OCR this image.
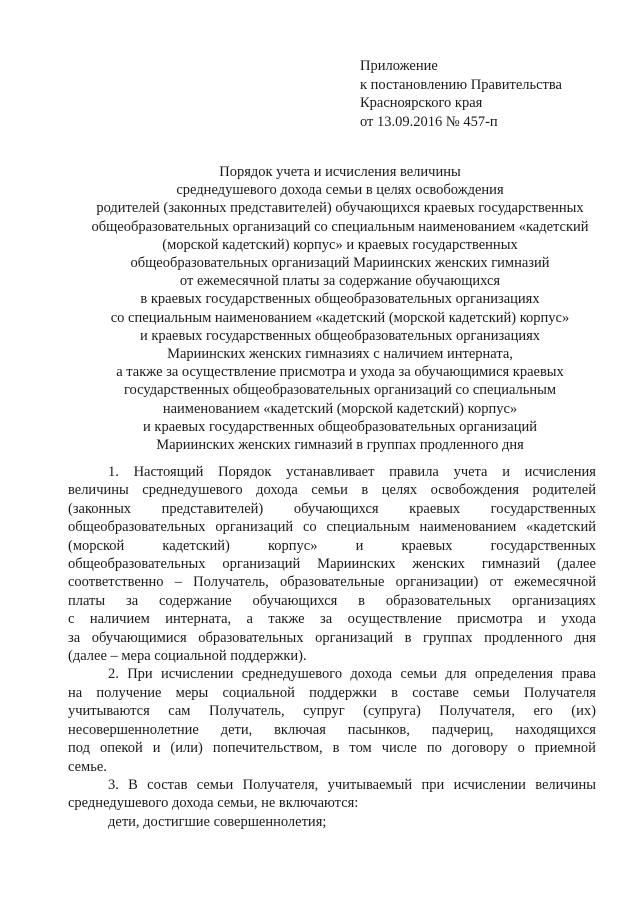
Приложение
к постановлению Правительства
Красноярского края
от 13.09.2016 № 457-п
Порядок учета и исчисления величины
среднедушевого дохода семьи в целях освобождения
родителей (законных представителей) обучающихся краевых государственных
общеобразовательных организаций со специальным наименованием «кадетский
(морской кадетский) корпус» и краевых государственных
общеобразовательных организаций Мариинских женских гимназий
от ежемесячной платы за содержание обучающихся
в краевых государственных общеобразовательных организациях
со специальным наименованием «кадетский (морской кадетский) корпус»
и краевых государственных общеобразовательных организациях
Мариинских женских гимназиях с наличием интерната,
а также за осуществление присмотра и ухода за обучающимися краевых
государственных общеобразовательных организаций со специальным
наименованием «кадетский (морской кадетский) корпус»
и краевых государственных общеобразовательных организаций
Мариинских женских гимназий в группах продленного дня
1. Настоящий Порядок устанавливает правила учета и исчисления
величины среднедушевого дохода семьи в целях освобождения родителей
(законных представителей) обучающихся краевых государственных
общеобразовательных организаций со специальным наименованием «кадетский
(морской	кадетский)	корпус»	и	краевых	государственных
общеобразовательных организаций Мариинских женских гимназий (далее
соответственно – Получатель, образовательные организации) от ежемесячной
платы за содержание обучающихся в образовательных организациях
с наличием интерната, а также за осуществление присмотра и ухода
за обучающимися образовательных организаций в группах продленного дня
(далее – мера социальной поддержки).
2. При исчислении среднедушевого дохода семьи для определения права
на получение меры социальной поддержки в составе семьи Получателя
учитываются сам Получатель, супруг (супруга) Получателя, его (их)
несовершеннолетние дети, включая пасынков, падчериц, находящихся
под опекой и (или) попечительством, в том числе по договору о приемной
семье.
3. В состав семьи Получателя, учитываемый при исчислении величины
среднедушевого дохода семьи, не включаются:
дети, достигшие совершеннолетия;
